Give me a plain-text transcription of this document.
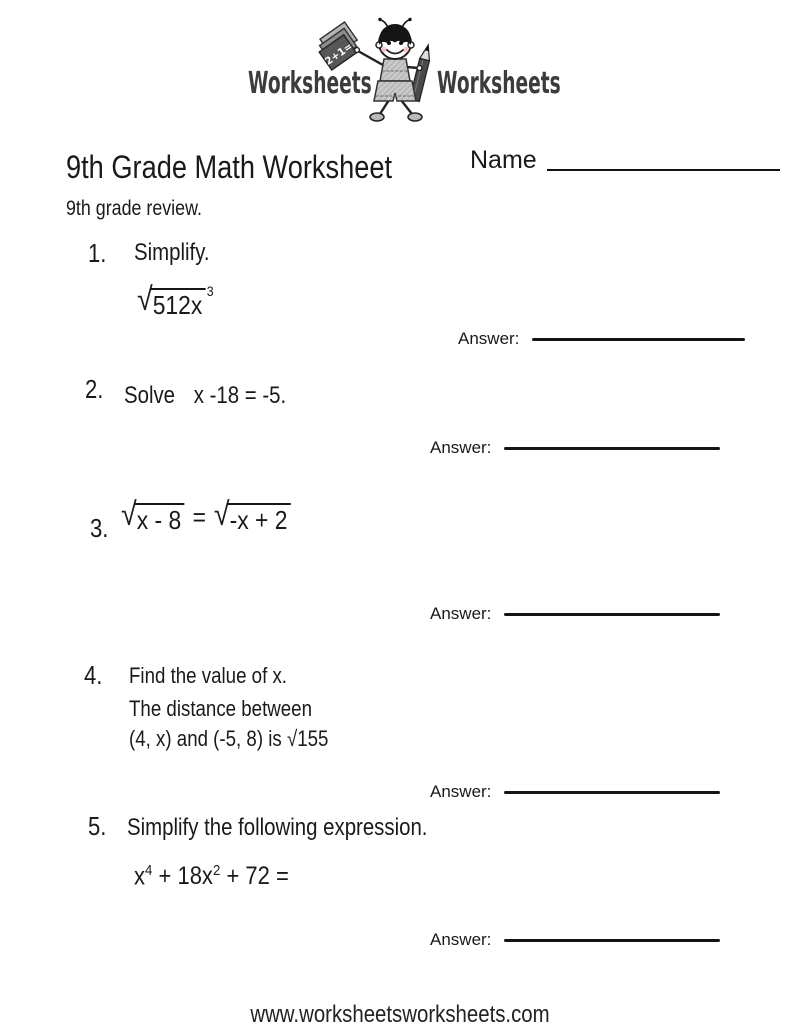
Worksheets
2+1=
Worksheets
9th Grade Math Worksheet	Name
9th grade review.
1. Simplify.
√ 512x 3
Answer:
2. Solve x -18 = -5.
Answer:
3. √ x - 8 = √ -x + 2
Answer:
4. Find the value of x.
The distance between
(4, x) and (-5, 8) is √155
Answer:
5. Simplify the following expression.
$x^4 + 18x^2 + 72$ =
Answer:
www.worksheetsworksheets.com
